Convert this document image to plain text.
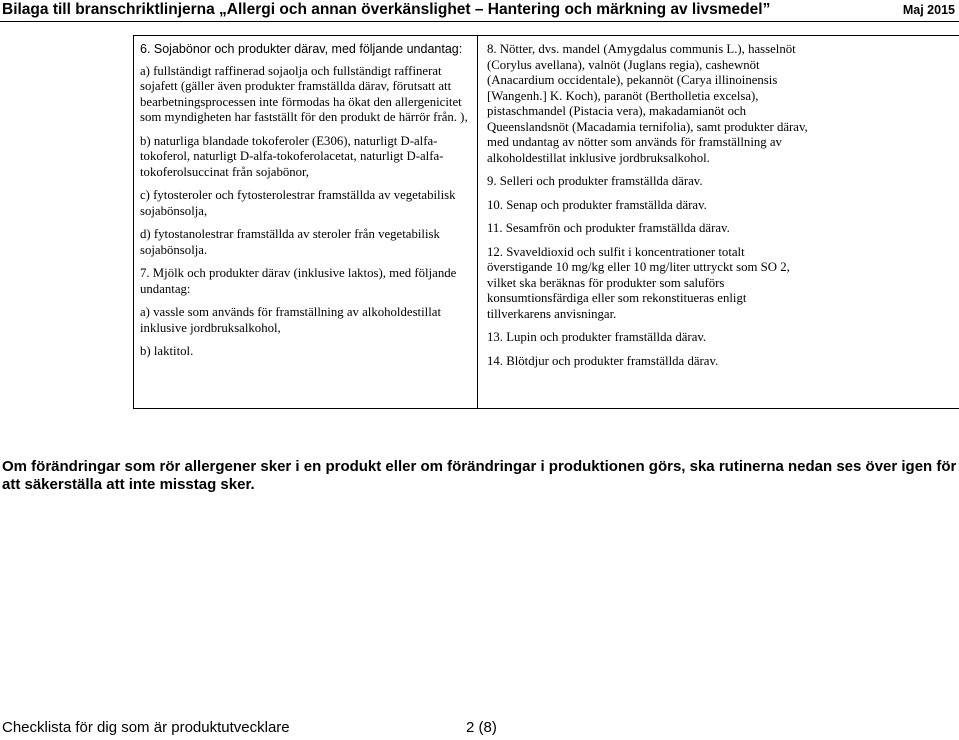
Bilaga till branschriktlinjerna „Allergi och annan överkänslighet – Hantering och märkning av livsmedel”	Maj 2015

6. Sojabönor och produkter därav, med följande undantag:

a) fullständigt raffinerad sojaolja och fullständigt raffinerat sojafett (gäller även produkter framställda därav, förutsatt att bearbetningsprocessen inte förmodas ha ökat den allergenicitet som myndigheten har fastställt för den produkt de härrör från. ),

b) naturliga blandade tokoferoler (E306), naturligt D-alfa-tokoferol, naturligt D-alfa-tokoferolacetat, naturligt D-alfa-tokoferolsuccinat från sojabönor,

c) fytosteroler och fytosterolestrar framställda av vegetabilisk sojabönsolja,

d) fytostanolestrar framställda av steroler från vegetabilisk sojabönsolja.

7. Mjölk och produkter därav (inklusive laktos), med följande undantag:

a) vassle som används för framställning av alkoholdestillat inklusive jordbruksalkohol,

b) laktitol.

8. Nötter, dvs. mandel (Amygdalus communis L.), hasselnöt (Corylus avellana), valnöt (Juglans regia), cashewnöt (Anacardium occidentale), pekannöt (Carya illinoinensis [Wangenh.] K. Koch), paranöt (Bertholletia excelsa), pistaschmandel (Pistacia vera), makadamianöt och Queenslandsnöt (Macadamia ternifolia), samt produkter därav, med undantag av nötter som används för framställning av alkoholdestillat inklusive jordbruksalkohol.

9. Selleri och produkter framställda därav.

10. Senap och produkter framställda därav.

11. Sesamfrön och produkter framställda därav.

12. Svaveldioxid och sulfit i koncentrationer totalt överstigande 10 mg/kg eller 10 mg/liter uttryckt som SO 2, vilket ska beräknas för produkter som saluförs konsumtionsfärdiga eller som rekonstitueras enligt tillverkarens anvisningar.

13. Lupin och produkter framställda därav.

14. Blötdjur och produkter framställda därav.

Om förändringar som rör allergener sker i en produkt eller om förändringar i produktionen görs, ska rutinerna nedan ses över igen för att säkerställa att inte misstag sker.
Checklista för dig som är produktutvecklare	2 (8)
